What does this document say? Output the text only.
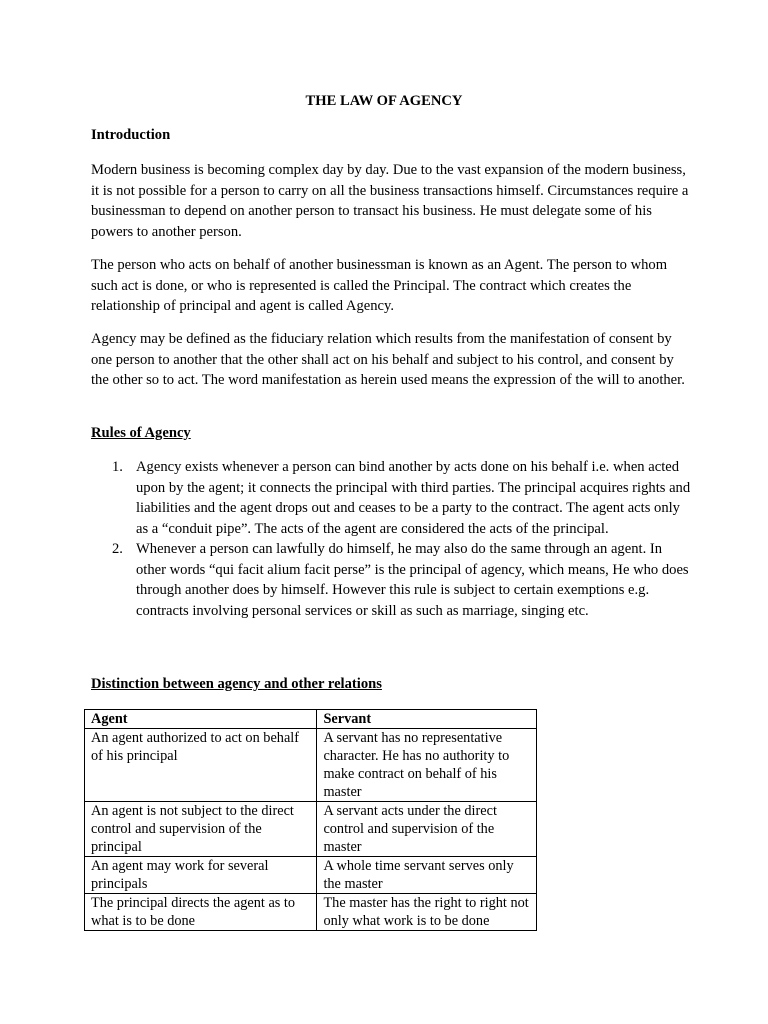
THE LAW OF AGENCY
Introduction

Modern business is becoming complex day by day. Due to the vast expansion of the modern business, it is not possible for a person to carry on all the business transactions himself. Circumstances require a businessman to depend on another person to transact his business. He must delegate some of his powers to another person.

The person who acts on behalf of another businessman is known as an Agent. The person to whom such act is done, or who is represented is called the Principal. The contract which creates the relationship of principal and agent is called Agency.

Agency may be defined as the fiduciary relation which results from the manifestation of consent by one person to another that the other shall act on his behalf and subject to his control, and consent by the other so to act. The word manifestation as herein used means the expression of the will to another.

Rules of Agency
1. Agency exists whenever a person can bind another by acts done on his behalf i.e. when acted upon by the agent; it connects the principal with third parties. The principal acquires rights and liabilities and the agent drops out and ceases to be a party to the contract. The agent acts only as a “conduit pipe”. The acts of the agent are considered the acts of the principal.
2. Whenever a person can lawfully do himself, he may also do the same through an agent. In other words “qui facit alium facit perse” is the principal of agency, which means, He who does through another does by himself. However this rule is subject to certain exemptions e.g. contracts involving personal services or skill as such as marriage, singing etc.
Distinction between agency and other relations
Agent	Servant
An agent authorized to act on behalf of his principal	A servant has no representative character. He has no authority to make contract on behalf of his master
An agent is not subject to the direct control and supervision of the principal	A servant acts under the direct control and supervision of the master
An agent may work for several principals	A whole time servant serves only the master
The principal directs the agent as to what is to be done	The master has the right to right not only what work is to be done
